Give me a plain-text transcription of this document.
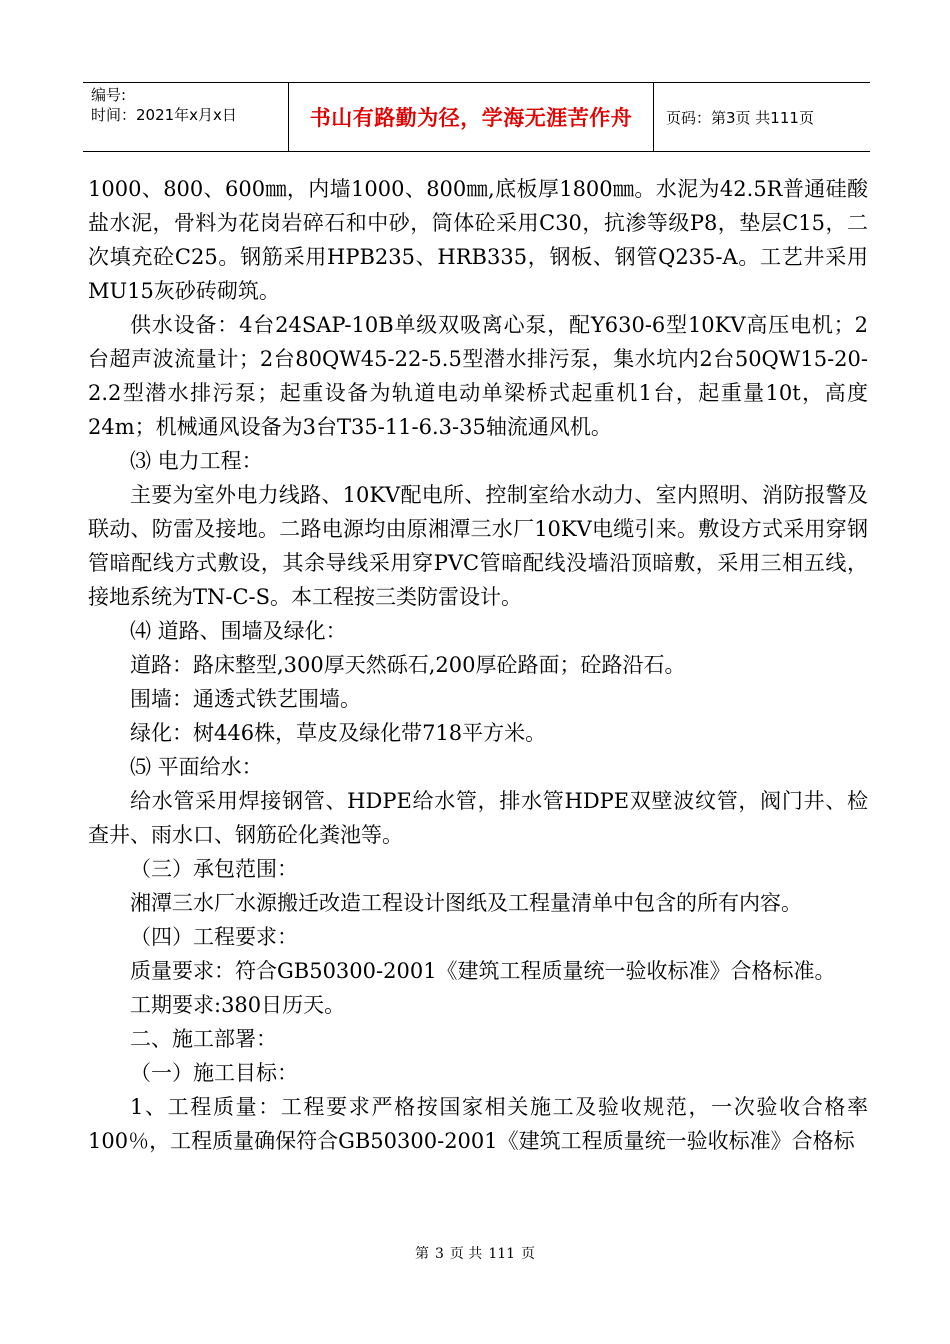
编号:
时间：2021年x月x日	书山有路勤为径，学海无涯苦作舟	页码：第3页 共111页

1000、800、600㎜，内墙1000、800㎜,底板厚1800㎜。水泥为42.5R普通硅酸盐水泥，骨料为花岗岩碎石和中砂，筒体砼采用C30，抗渗等级P8，垫层C15，二次填充砼C25。钢筋采用HPB235、HRB335，钢板、钢管Q235-A。工艺井采用MU15灰砂砖砌筑。

供水设备：4台24SAP-10B单级双吸离心泵，配Y630-6型10KV高压电机；2台超声波流量计；2台80QW45-22-5.5型潜水排污泵，集水坑内2台50QW15-20-2.2型潜水排污泵；起重设备为轨道电动单梁桥式起重机1台，起重量10t，高度24m；机械通风设备为3台T35-11-6.3-35轴流通风机。

⑶ 电力工程：

主要为室外电力线路、10KV配电所、控制室给水动力、室内照明、消防报警及联动、防雷及接地。二路电源均由原湘潭三水厂10KV电缆引来。敷设方式采用穿钢管暗配线方式敷设，其余导线采用穿PVC管暗配线没墙沿顶暗敷，采用三相五线，接地系统为TN-C-S。本工程按三类防雷设计。

⑷ 道路、围墙及绿化：

道路：路床整型,300厚天然砾石,200厚砼路面；砼路沿石。

围墙：通透式铁艺围墙。

绿化：树446株，草皮及绿化带718平方米。

⑸ 平面给水：

给水管采用焊接钢管、HDPE给水管，排水管HDPE双壁波纹管，阀门井、检查井、雨水口、钢筋砼化粪池等。

（三）承包范围：

湘潭三水厂水源搬迁改造工程设计图纸及工程量清单中包含的所有内容。

（四）工程要求：

质量要求：符合GB50300-2001《建筑工程质量统一验收标准》合格标准。

工期要求:380日历天。

二、施工部署：

（一）施工目标：

1、工程质量：工程要求严格按国家相关施工及验收规范，一次验收合格率100％，工程质量确保符合GB50300-2001《建筑工程质量统一验收标准》合格标

第 3 页 共 111 页
